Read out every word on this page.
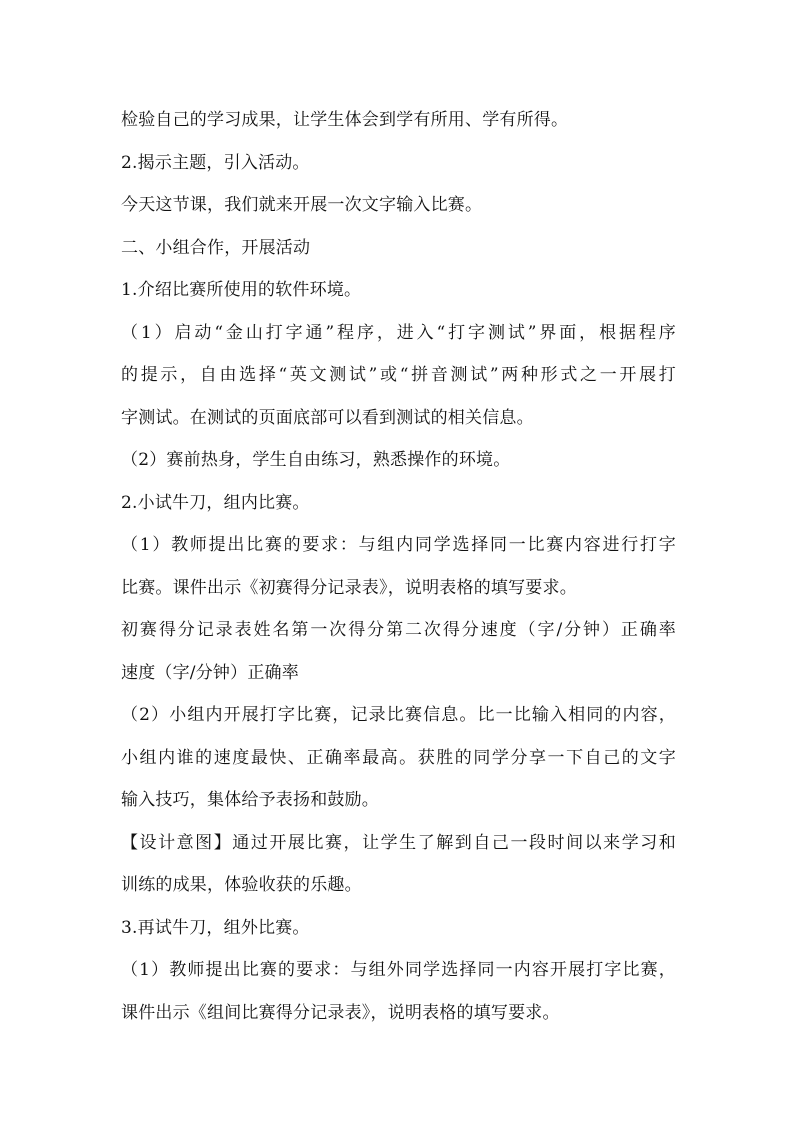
检验自己的学习成果，让学生体会到学有所用、学有所得。
2.揭示主题，引入活动。
今天这节课，我们就来开展一次文字输入比赛。
二、小组合作，开展活动
1.介绍比赛所使用的软件环境。
（1）启动“金山打字通”程序，进入“打字测试”界面，根据程序
的提示，自由选择“英文测试”或“拼音测试”两种形式之一开展打
字测试。在测试的页面底部可以看到测试的相关信息。
（2）赛前热身，学生自由练习，熟悉操作的环境。
2.小试牛刀，组内比赛。
（1）教师提出比赛的要求：与组内同学选择同一比赛内容进行打字
比赛。课件出示《初赛得分记录表》，说明表格的填写要求。
初赛得分记录表姓名第一次得分第二次得分速度（字/分钟）正确率
速度（字/分钟）正确率
（2）小组内开展打字比赛，记录比赛信息。比一比输入相同的内容，
小组内谁的速度最快、正确率最高。获胜的同学分享一下自己的文字
输入技巧，集体给予表扬和鼓励。
【设计意图】通过开展比赛，让学生了解到自己一段时间以来学习和
训练的成果，体验收获的乐趣。
3.再试牛刀，组外比赛。
（1）教师提出比赛的要求：与组外同学选择同一内容开展打字比赛，
课件出示《组间比赛得分记录表》，说明表格的填写要求。
